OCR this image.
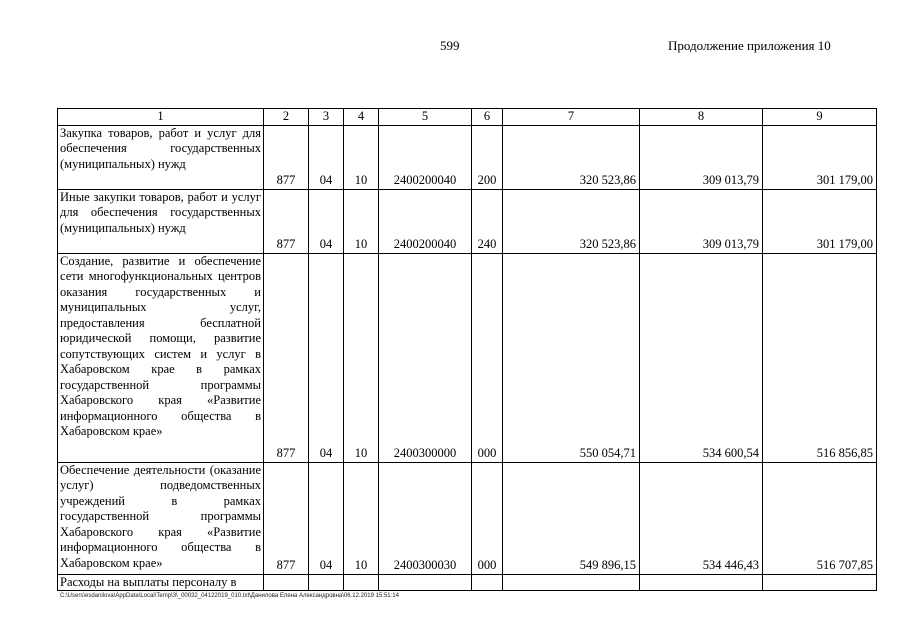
599	Продолжение приложения 10
1	2	3	4	5	6	7	8	9
Закупка товаров, работ и услуг для обеспечения государственных (муниципальных) нужд	877	04	10	2400200040	200	320 523,86	309 013,79	301 179,00
Иные закупки товаров, работ и услуг для обеспечения государственных (муниципальных) нужд	877	04	10	2400200040	240	320 523,86	309 013,79	301 179,00
Создание, развитие и обеспечение сети многофункциональных центров оказания государственных и муниципальных услуг, предоставления бесплатной юридической помощи, развитие сопутствующих систем и услуг в Хабаровском крае в рамках государственной программы Хабаровского края «Развитие информационного общества в Хабаровском крае»	877	04	10	2400300000	000	550 054,71	534 600,54	516 856,85
Обеспечение деятельности (оказание услуг) подведомственных учреждений в рамках государственной программы Хабаровского края «Развитие информационного общества в Хабаровском крае»	877	04	10	2400300030	000	549 896,15	534 446,43	516 707,85
Расходы на выплаты персоналу в								
C:\Users\esdanilova\AppData\Local\Temp\3\_00032_04122019_010.txt\Данилова Елена Александровна\06.12.2019 15:51:14
